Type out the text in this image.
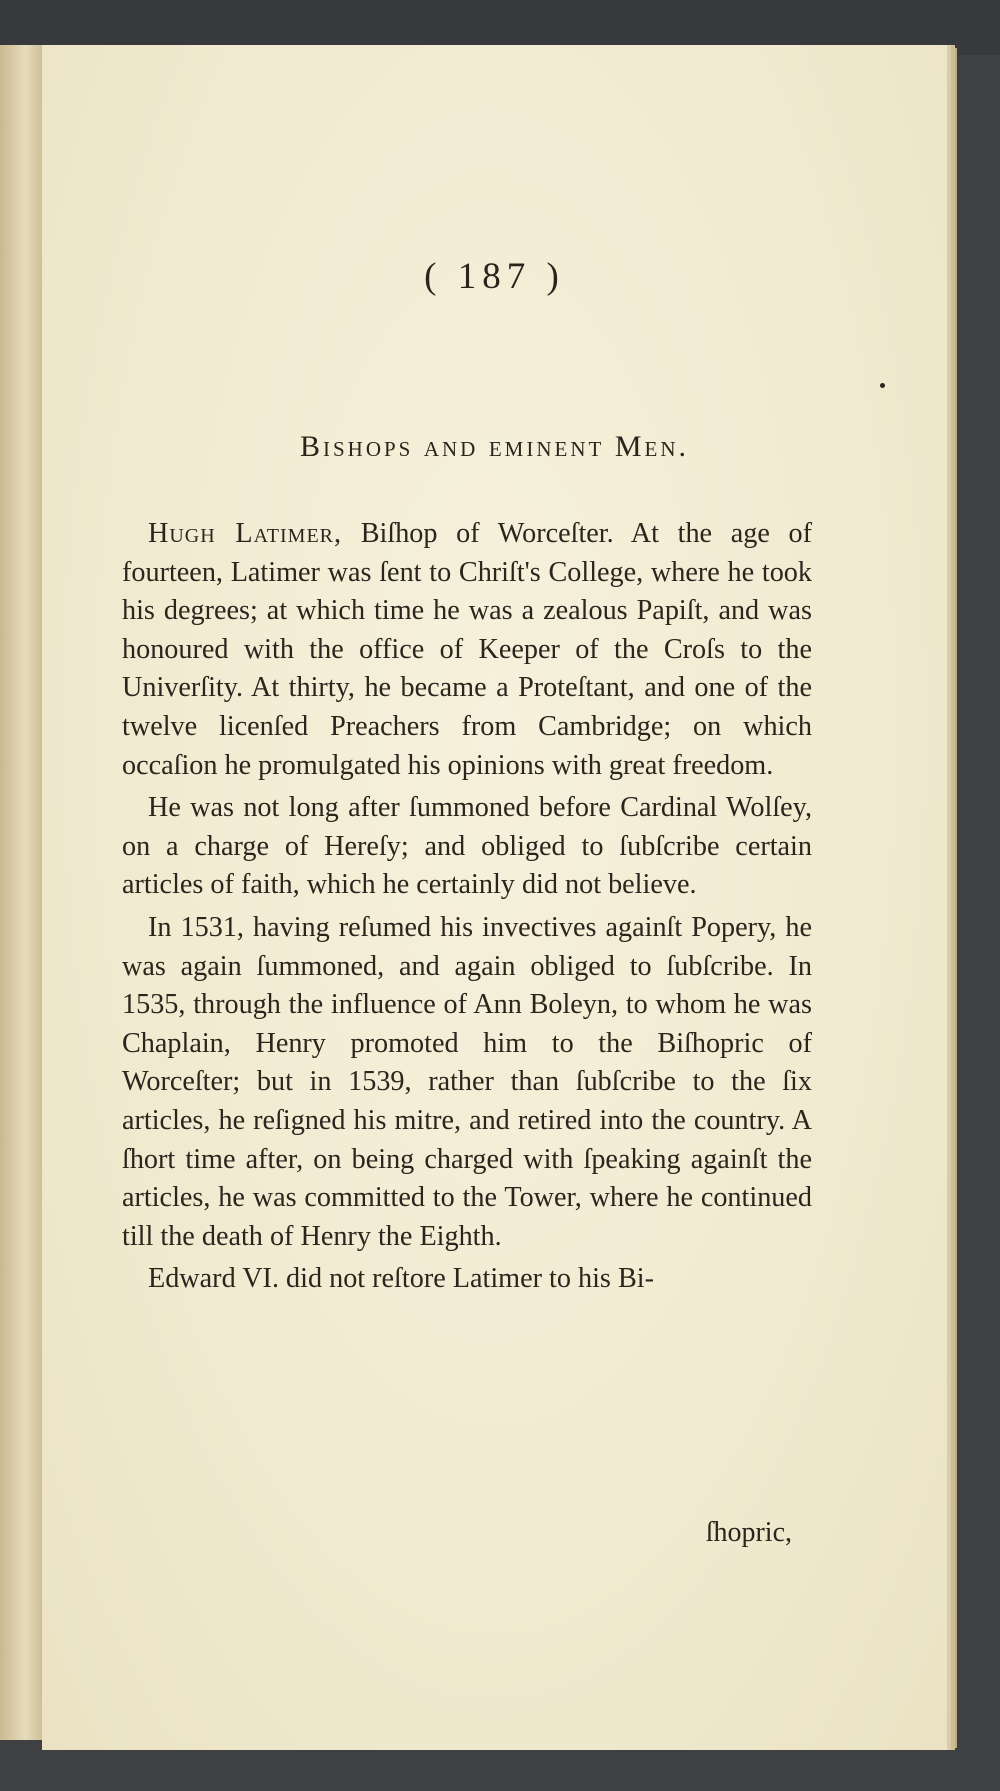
( 187 )
Bishops and eminent Men.

Hugh Latimer, Biſhop of Worceſter. At the age of fourteen, Latimer was ſent to Chriſt's College, where he took his degrees; at which time he was a zealous Papiſt, and was honoured with the office of Keeper of the Croſs to the Univerſity. At thirty, he became a Proteſtant, and one of the twelve licenſed Preachers from Cambridge; on which occaſion he promulgated his opinions with great freedom.

He was not long after ſummoned before Cardinal Wolſey, on a charge of Hereſy; and obliged to ſubſcribe certain articles of faith, which he certainly did not believe.

In 1531, having reſumed his invectives againſt Popery, he was again ſummoned, and again obliged to ſubſcribe. In 1535, through the influence of Ann Boleyn, to whom he was Chaplain, Henry promoted him to the Biſhopric of Worceſter; but in 1539, rather than ſubſcribe to the ſix articles, he reſigned his mitre, and retired into the country. A ſhort time after, on being charged with ſpeaking againſt the articles, he was committed to the Tower, where he continued till the death of Henry the Eighth.

Edward VI. did not reſtore Latimer to his Bi-

ſhopric,
